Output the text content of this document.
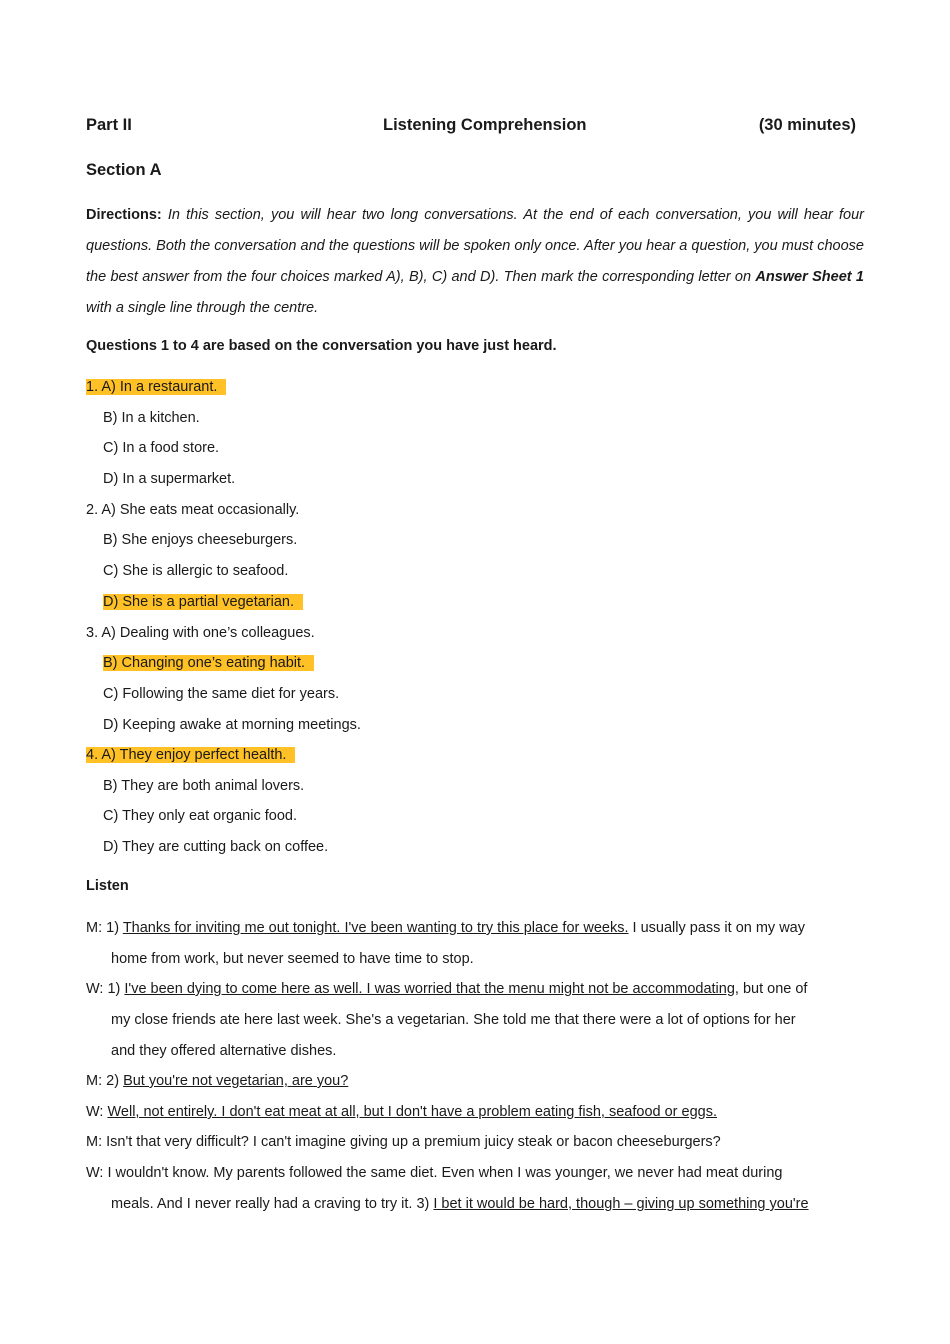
Part II	Listening Comprehension	(30 minutes)
Section A
Directions: In this section, you will hear two long conversations. At the end of each conversation, you will hear four questions. Both the conversation and the questions will be spoken only once. After you hear a question, you must choose the best answer from the four choices marked A), B), C) and D). Then mark the corresponding letter on Answer Sheet 1 with a single line through the centre.
Questions 1 to 4 are based on the conversation you have just heard.
1. A) In a restaurant.
B) In a kitchen.
C) In a food store.
D) In a supermarket.
2. A) She eats meat occasionally.
B) She enjoys cheeseburgers.
C) She is allergic to seafood.
D) She is a partial vegetarian.
3. A) Dealing with one’s colleagues.
B) Changing one’s eating habit.
C) Following the same diet for years.
D) Keeping awake at morning meetings.
4. A) They enjoy perfect health.
B) They are both animal lovers.
C) They only eat organic food.
D) They are cutting back on coffee.
Listen
M: 1) Thanks for inviting me out tonight. I've been wanting to try this place for weeks. I usually pass it on my way
home from work, but never seemed to have time to stop.
W: 1) I've been dying to come here as well. I was worried that the menu might not be accommodating, but one of
my close friends ate here last week. She's a vegetarian. She told me that there were a lot of options for her
and they offered alternative dishes.
M: 2) But you're not vegetarian, are you?
W: Well, not entirely. I don't eat meat at all, but I don't have a problem eating fish, seafood or eggs.
M: Isn't that very difficult? I can't imagine giving up a premium juicy steak or bacon cheeseburgers?
W: I wouldn't know. My parents followed the same diet. Even when I was younger, we never had meat during
meals. And I never really had a craving to try it. 3) I bet it would be hard, though – giving up something you're
